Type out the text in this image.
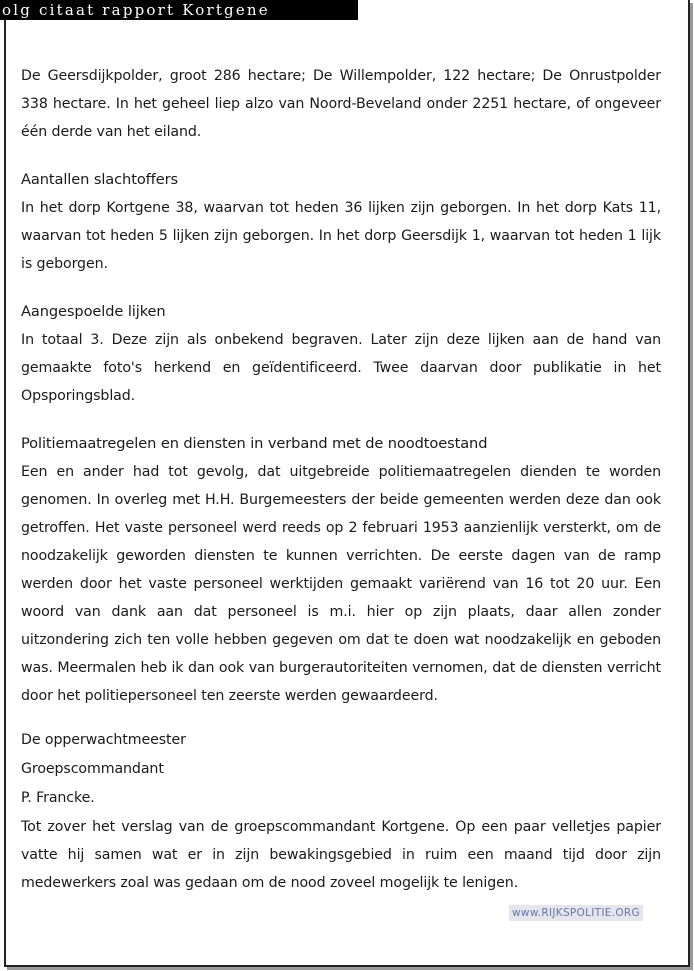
olg citaat rapport Kortgene

De Geersdijkpolder, groot 286 hectare; De Willempolder, 122 hectare; De Onrustpolder 338 hectare. In het geheel liep alzo van Noord-Beveland onder 2251 hectare, of ongeveer één derde van het eiland.

Aantallen slachtoffers

In het dorp Kortgene 38, waarvan tot heden 36 lijken zijn geborgen. In het dorp Kats 11, waarvan tot heden 5 lijken zijn geborgen. In het dorp Geersdijk 1, waarvan tot heden 1 lijk is geborgen.

Aangespoelde lijken

In totaal 3. Deze zijn als onbekend begraven. Later zijn deze lijken aan de hand van gemaakte foto's herkend en geïdentificeerd. Twee daarvan door publikatie in het Opsporingsblad.

Politiemaatregelen en diensten in verband met de noodtoestand

Een en ander had tot gevolg, dat uitgebreide politiemaatregelen dienden te worden genomen. In overleg met H.H. Burgemeesters der beide gemeenten werden deze dan ook getroffen. Het vaste personeel werd reeds op 2 februari 1953 aanzienlijk versterkt, om de noodzakelijk geworden diensten te kunnen verrichten. De eerste dagen van de ramp werden door het vaste personeel werktijden gemaakt variërend van 16 tot 20 uur. Een woord van dank aan dat personeel is m.i. hier op zijn plaats, daar allen zonder uitzondering zich ten volle hebben gegeven om dat te doen wat noodzakelijk en geboden was. Meermalen heb ik dan ook van burgerautoriteiten vernomen, dat de diensten verricht door het politiepersoneel ten zeerste werden gewaardeerd.

De opperwachtmeester
Groepscommandant
P. Francke.

Tot zover het verslag van de groepscommandant Kortgene. Op een paar velletjes papier vatte hij samen wat er in zijn bewakingsgebied in ruim een maand tijd door zijn medewerkers zoal was gedaan om de nood zoveel mogelijk te lenigen.

www.RIJKSPOLITIE.ORG
